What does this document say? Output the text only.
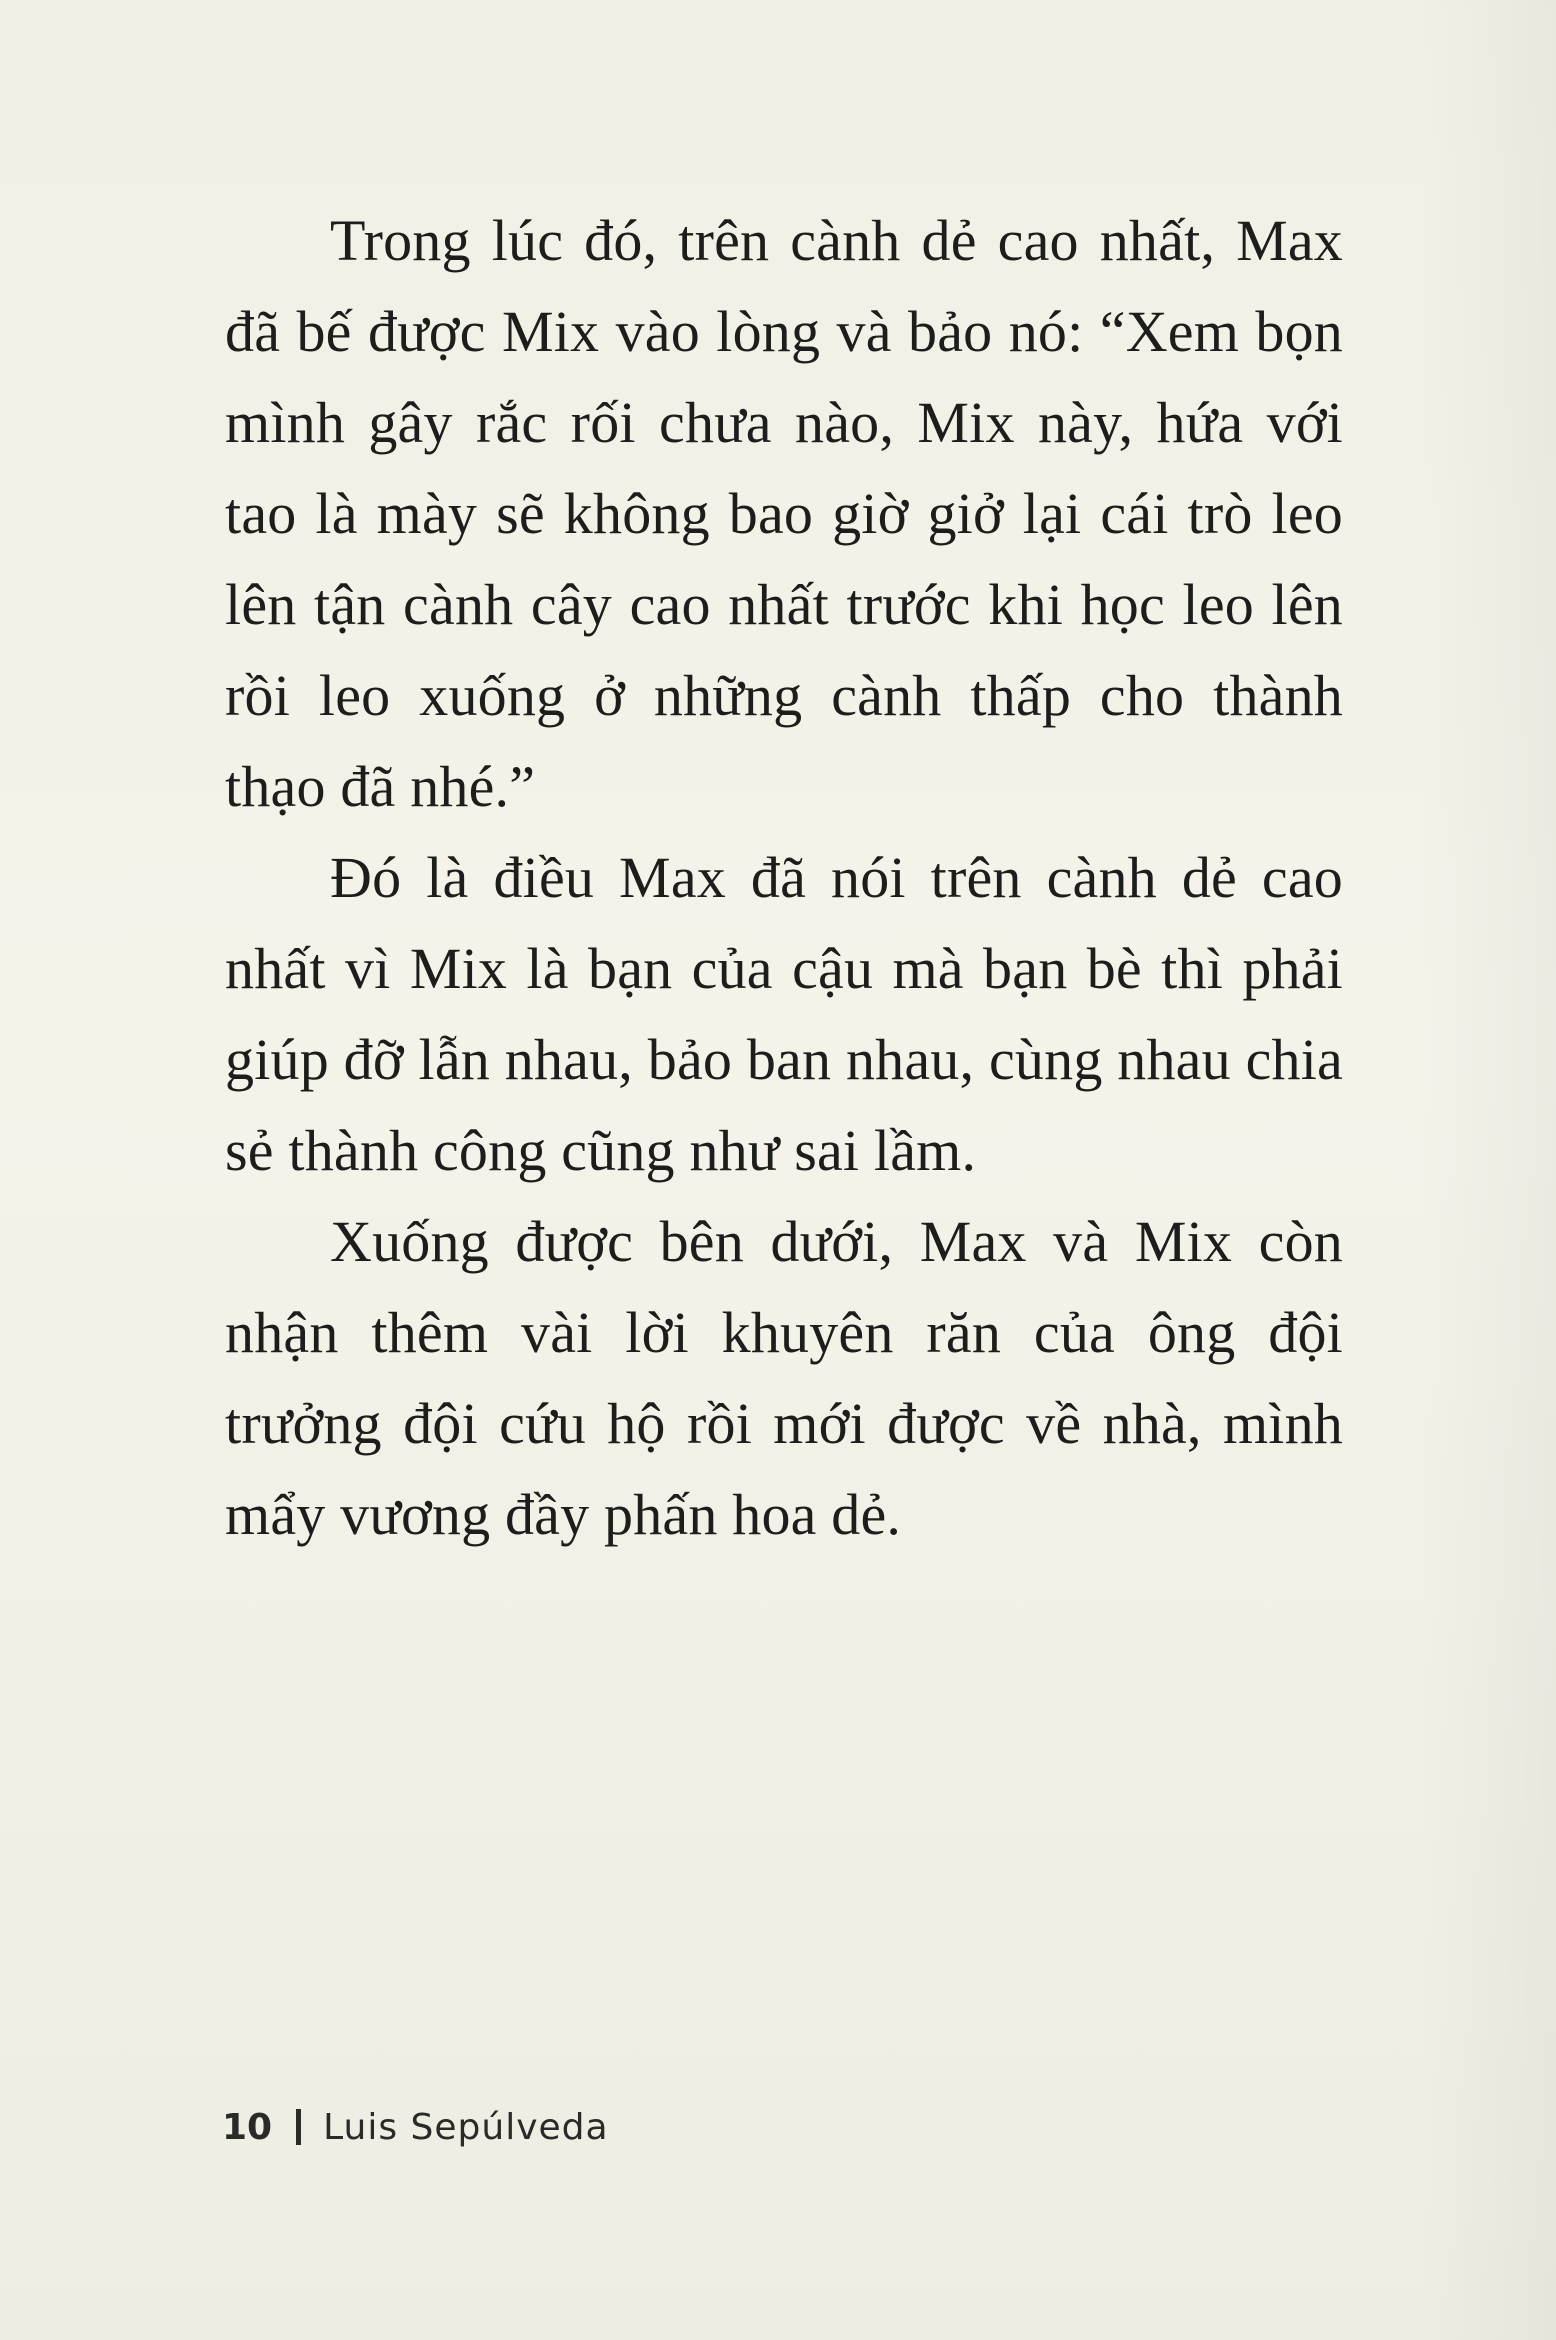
Trong lúc đó, trên cành dẻ cao nhất, Max đã bế được Mix vào lòng và bảo nó: “Xem bọn mình gây rắc rối chưa nào, Mix này, hứa với tao là mày sẽ không bao giờ giở lại cái trò leo lên tận cành cây cao nhất trước khi học leo lên rồi leo xuống ở những cành thấp cho thành thạo đã nhé.”

Đó là điều Max đã nói trên cành dẻ cao nhất vì Mix là bạn của cậu mà bạn bè thì phải giúp đỡ lẫn nhau, bảo ban nhau, cùng nhau chia sẻ thành công cũng như sai lầm.

Xuống được bên dưới, Max và Mix còn nhận thêm vài lời khuyên răn của ông đội trưởng đội cứu hộ rồi mới được về nhà, mình mẩy vương đầy phấn hoa dẻ.

10 Luis Sepúlveda
